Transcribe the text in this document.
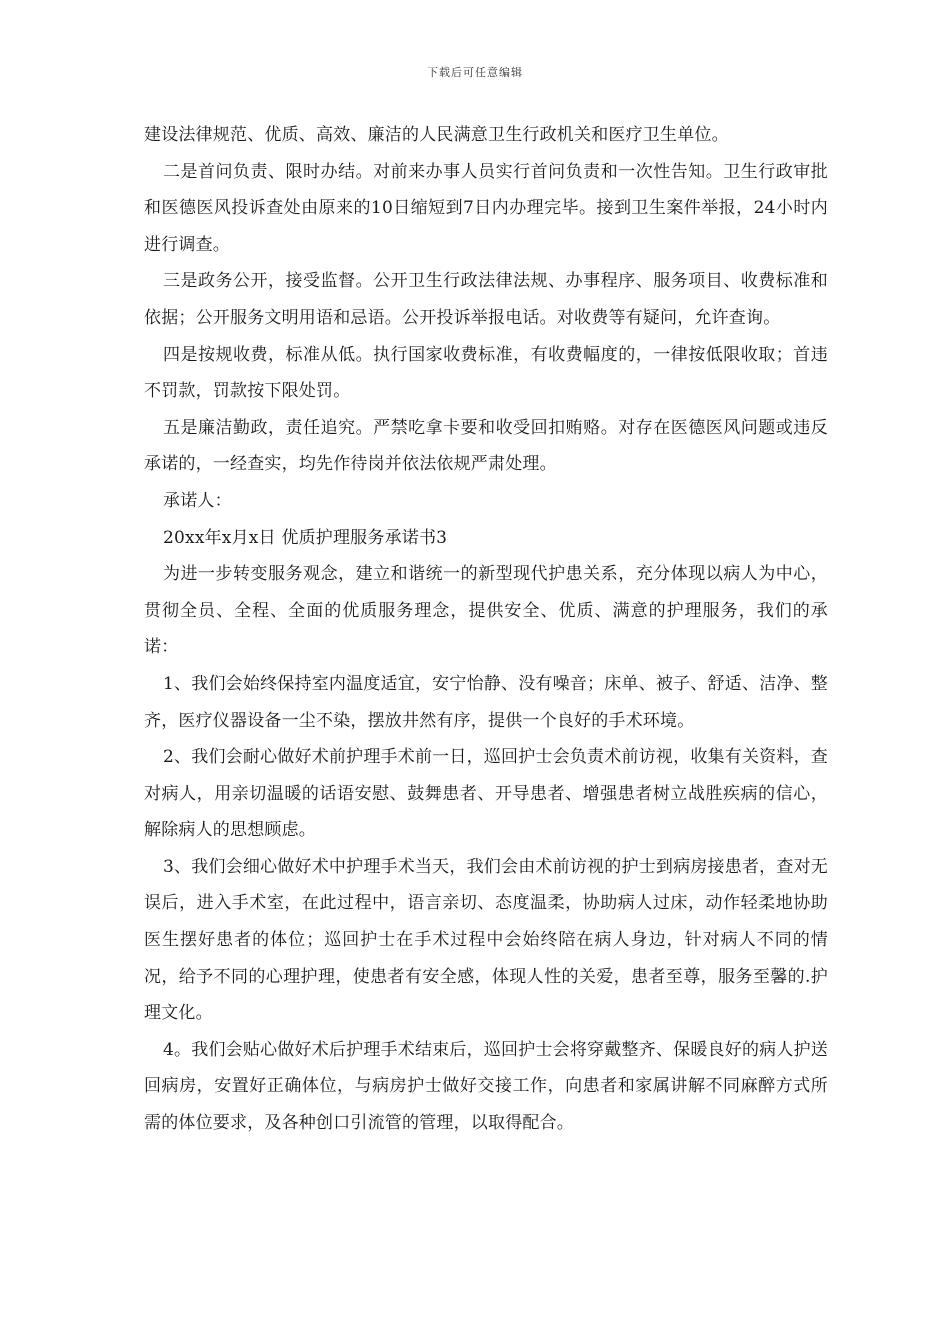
下载后可任意编辑

建设法律规范、优质、高效、廉洁的人民满意卫生行政机关和医疗卫生单位。

二是首问负责、限时办结。对前来办事人员实行首问负责和一次性告知。卫生行政审批和医德医风投诉查处由原来的10日缩短到7日内办理完毕。接到卫生案件举报，24小时内进行调查。

三是政务公开，接受监督。公开卫生行政法律法规、办事程序、服务项目、收费标准和依据；公开服务文明用语和忌语。公开投诉举报电话。对收费等有疑问，允许查询。

四是按规收费，标准从低。执行国家收费标准，有收费幅度的，一律按低限收取；首违不罚款，罚款按下限处罚。

五是廉洁勤政，责任追究。严禁吃拿卡要和收受回扣贿赂。对存在医德医风问题或违反承诺的，一经查实，均先作待岗并依法依规严肃处理。

承诺人：

20xx年x月x日 优质护理服务承诺书3

为进一步转变服务观念，建立和谐统一的新型现代护患关系，充分体现以病人为中心，贯彻全员、全程、全面的优质服务理念，提供安全、优质、满意的护理服务，我们的承诺：

1、我们会始终保持室内温度适宜，安宁怡静、没有噪音；床单、被子、舒适、洁净、整齐，医疗仪器设备一尘不染，摆放井然有序，提供一个良好的手术环境。

2、我们会耐心做好术前护理手术前一日，巡回护士会负责术前访视，收集有关资料，查对病人，用亲切温暖的话语安慰、鼓舞患者、开导患者、增强患者树立战胜疾病的信心，解除病人的思想顾虑。

3、我们会细心做好术中护理手术当天，我们会由术前访视的护士到病房接患者，查对无误后，进入手术室，在此过程中，语言亲切、态度温柔，协助病人过床，动作轻柔地协助医生摆好患者的体位；巡回护士在手术过程中会始终陪在病人身边，针对病人不同的情况，给予不同的心理护理，使患者有安全感，体现人性的关爱，患者至尊，服务至馨的.护理文化。

4。我们会贴心做好术后护理手术结束后，巡回护士会将穿戴整齐、保暖良好的病人护送回病房，安置好正确体位，与病房护士做好交接工作，向患者和家属讲解不同麻醉方式所需的体位要求，及各种创口引流管的管理，以取得配合。
